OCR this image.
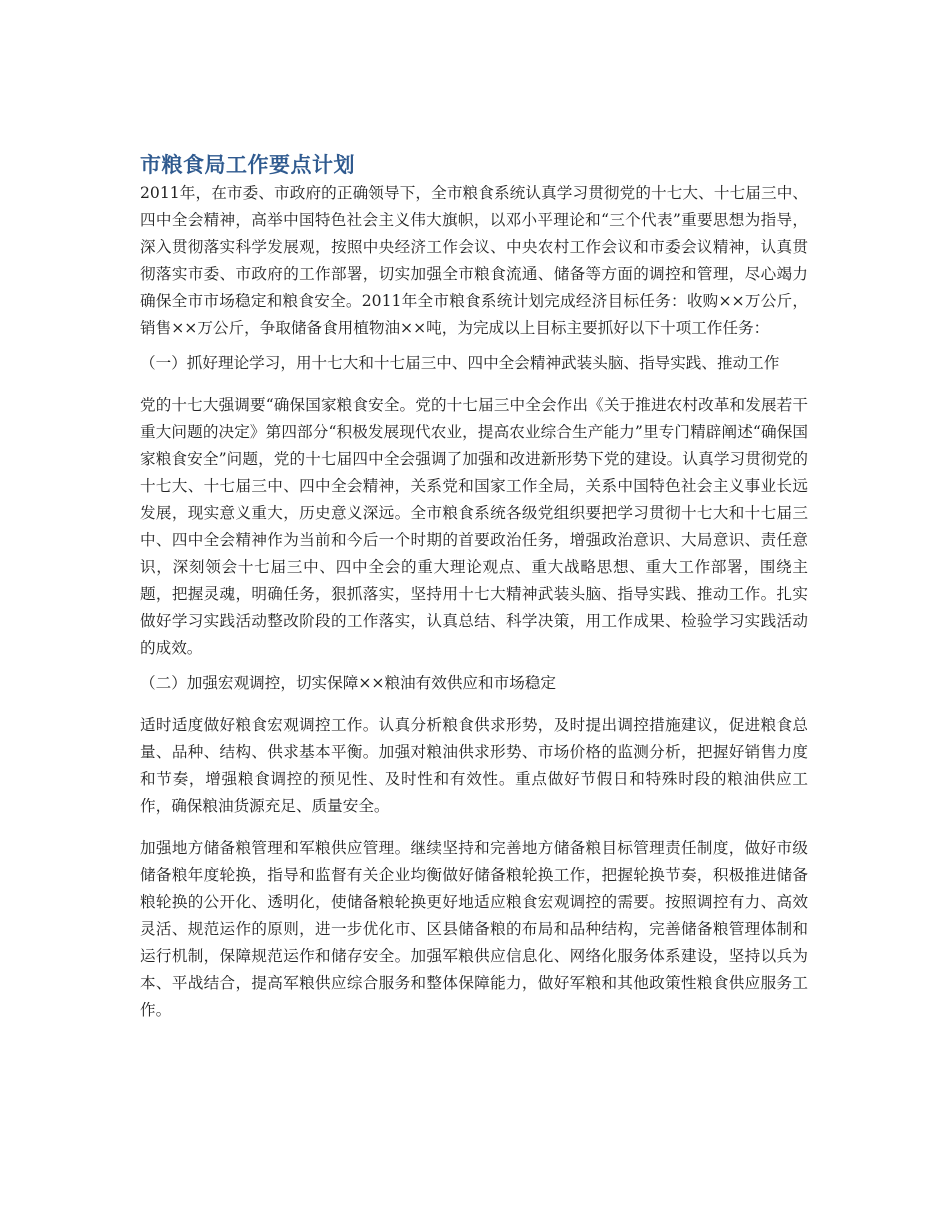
市粮食局工作要点计划

2011年，在市委、市政府的正确领导下，全市粮食系统认真学习贯彻党的十七大、十七届三中、四中全会精神，高举中国特色社会主义伟大旗帜，以邓小平理论和“三个代表”重要思想为指导，深入贯彻落实科学发展观，按照中央经济工作会议、中央农村工作会议和市委会议精神，认真贯彻落实市委、市政府的工作部署，切实加强全市粮食流通、储备等方面的调控和管理，尽心竭力确保全市市场稳定和粮食安全。2011年全市粮食系统计划完成经济目标任务：收购××万公斤，销售××万公斤，争取储备食用植物油××吨，为完成以上目标主要抓好以下十项工作任务：

（一）抓好理论学习，用十七大和十七届三中、四中全会精神武装头脑、指导实践、推动工作

党的十七大强调要“确保国家粮食安全。党的十七届三中全会作出《关于推进农村改革和发展若干重大问题的决定》第四部分“积极发展现代农业，提高农业综合生产能力”里专门精辟阐述“确保国家粮食安全”问题，党的十七届四中全会强调了加强和改进新形势下党的建设。认真学习贯彻党的十七大、十七届三中、四中全会精神，关系党和国家工作全局，关系中国特色社会主义事业长远发展，现实意义重大，历史意义深远。全市粮食系统各级党组织要把学习贯彻十七大和十七届三中、四中全会精神作为当前和今后一个时期的首要政治任务，增强政治意识、大局意识、责任意识，深刻领会十七届三中、四中全会的重大理论观点、重大战略思想、重大工作部署，围绕主题，把握灵魂，明确任务，狠抓落实，坚持用十七大精神武装头脑、指导实践、推动工作。扎实做好学习实践活动整改阶段的工作落实，认真总结、科学决策，用工作成果、检验学习实践活动的成效。

（二）加强宏观调控，切实保障××粮油有效供应和市场稳定

适时适度做好粮食宏观调控工作。认真分析粮食供求形势，及时提出调控措施建议，促进粮食总量、品种、结构、供求基本平衡。加强对粮油供求形势、市场价格的监测分析，把握好销售力度和节奏，增强粮食调控的预见性、及时性和有效性。重点做好节假日和特殊时段的粮油供应工作，确保粮油货源充足、质量安全。

加强地方储备粮管理和军粮供应管理。继续坚持和完善地方储备粮目标管理责任制度，做好市级储备粮年度轮换，指导和监督有关企业均衡做好储备粮轮换工作，把握轮换节奏，积极推进储备粮轮换的公开化、透明化，使储备粮轮换更好地适应粮食宏观调控的需要。按照调控有力、高效灵活、规范运作的原则，进一步优化市、区县储备粮的布局和品种结构，完善储备粮管理体制和运行机制，保障规范运作和储存安全。加强军粮供应信息化、网络化服务体系建设，坚持以兵为本、平战结合，提高军粮供应综合服务和整体保障能力，做好军粮和其他政策性粮食供应服务工作。
